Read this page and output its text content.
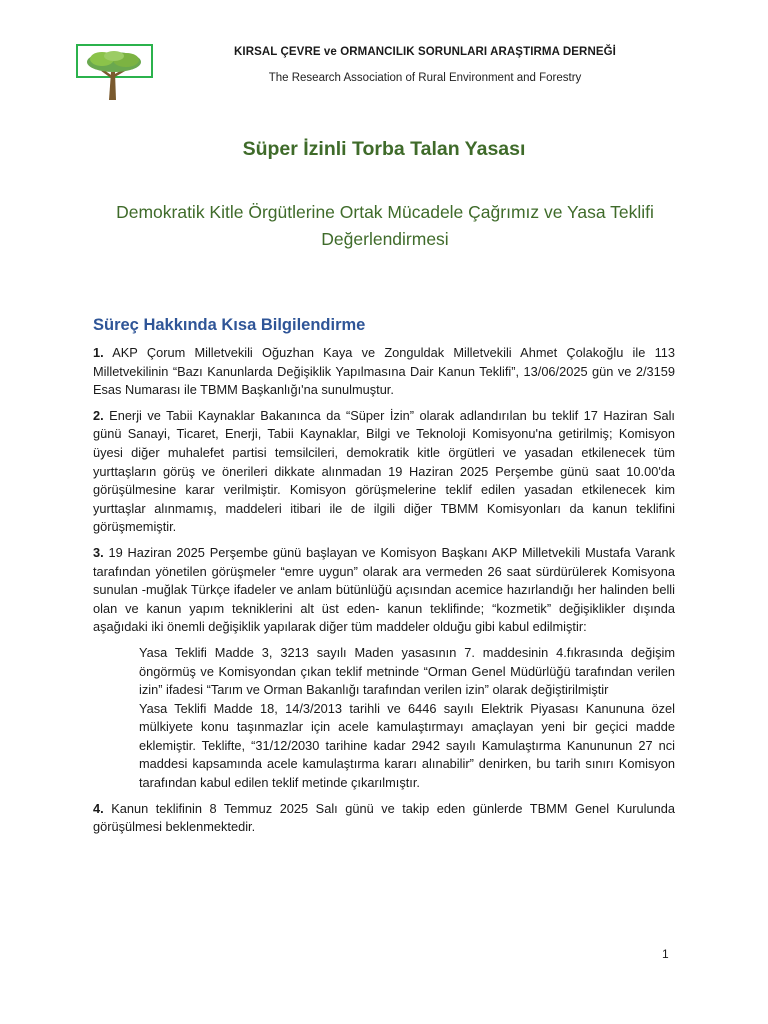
KIRSAL ÇEVRE ve ORMANCILIK SORUNLARI ARAŞTIRMA DERNEĞİ
The Research Association of Rural Environment and Forestry
Süper İzinli Torba Talan Yasası
Demokratik Kitle Örgütlerine Ortak Mücadele Çağrımız ve Yasa Teklifi Değerlendirmesi
Süreç Hakkında Kısa Bilgilendirme

1. AKP Çorum Milletvekili Oğuzhan Kaya ve Zonguldak Milletvekili Ahmet Çolakoğlu ile 113 Milletvekilinin “Bazı Kanunlarda Değişiklik Yapılmasına Dair Kanun Teklifi”, 13/06/2025 gün ve 2/3159 Esas Numarası ile TBMM Başkanlığı'na sunulmuştur.

2. Enerji ve Tabii Kaynaklar Bakanınca da “Süper İzin” olarak adlandırılan bu teklif 17 Haziran Salı günü Sanayi, Ticaret, Enerji, Tabii Kaynaklar, Bilgi ve Teknoloji Komisyonu'na getirilmiş; Komisyon üyesi diğer muhalefet partisi temsilcileri, demokratik kitle örgütleri ve yasadan etkilenecek tüm yurttaşların görüş ve önerileri dikkate alınmadan 19 Haziran 2025 Perşembe günü saat 10.00'da görüşülmesine karar verilmiştir. Komisyon görüşmelerine teklif edilen yasadan etkilenecek kim yurttaşlar alınmamış, maddeleri itibari ile de ilgili diğer TBMM Komisyonları da kanun teklifini görüşmemiştir.

3. 19 Haziran 2025 Perşembe günü başlayan ve Komisyon Başkanı AKP Milletvekili Mustafa Varank tarafından yönetilen görüşmeler “emre uygun” olarak ara vermeden 26 saat sürdürülerek Komisyona sunulan -muğlak Türkçe ifadeler ve anlam bütünlüğü açısından acemice hazırlandığı her halinden belli olan ve kanun yapım tekniklerini alt üst eden- kanun teklifinde; “kozmetik” değişiklikler dışında aşağıdaki iki önemli değişiklik yapılarak diğer tüm maddeler olduğu gibi kabul edilmiştir:

Yasa Teklifi Madde 3, 3213 sayılı Maden yasasının 7. maddesinin 4.fıkrasında değişim öngörmüş ve Komisyondan çıkan teklif metninde “Orman Genel Müdürlüğü tarafından verilen izin” ifadesi “Tarım ve Orman Bakanlığı tarafından verilen izin” olarak değiştirilmiştir

Yasa Teklifi Madde 18, 14/3/2013 tarihli ve 6446 sayılı Elektrik Piyasası Kanununa özel mülkiyete konu taşınmazlar için acele kamulaştırmayı amaçlayan yeni bir geçici madde eklemiştir. Teklifte, “31/12/2030 tarihine kadar 2942 sayılı Kamulaştırma Kanununun 27 nci maddesi kapsamında acele kamulaştırma kararı alınabilir” denirken, bu tarih sınırı Komisyon tarafından kabul edilen teklif metinde çıkarılmıştır.

4. Kanun teklifinin 8 Temmuz 2025 Salı günü ve takip eden günlerde TBMM Genel Kurulunda görüşülmesi beklenmektedir.

1
